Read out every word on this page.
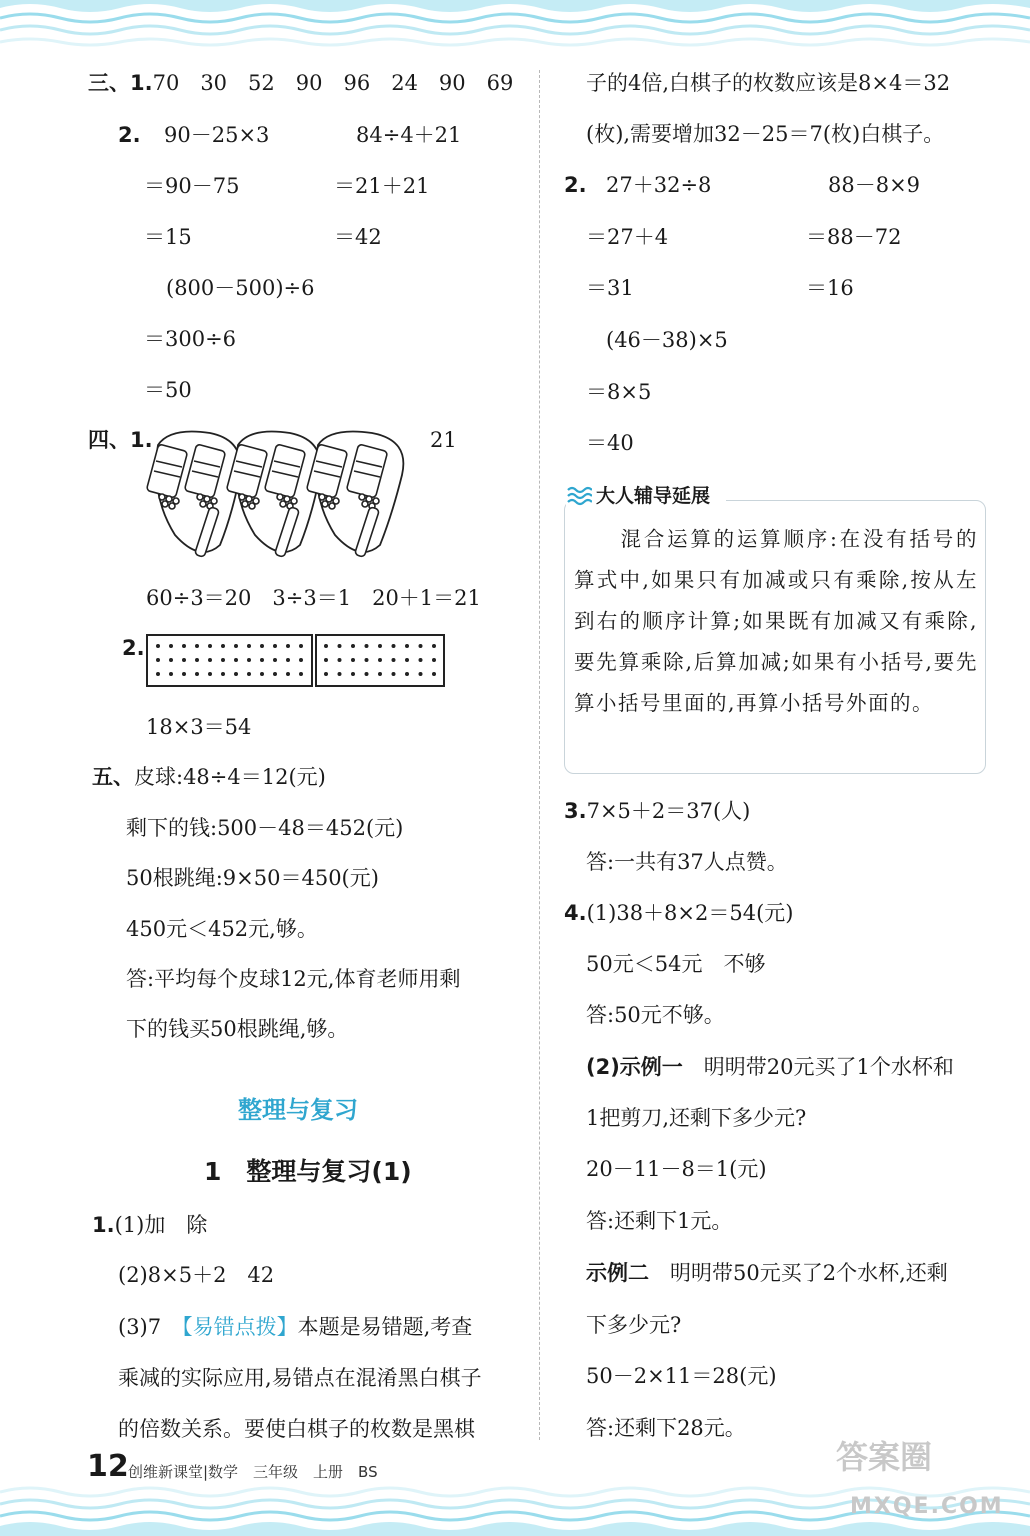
三、1.70　30　52　90　96　24　90　69
2. 90－25×3
＝90－75
＝15
84÷4＋21
＝21＋21
＝42
(800－500)÷6
＝300÷6
＝50
四、1.	21
60÷3＝20　3÷3＝1　20＋1＝21
2.
18×3＝54
五、皮球:48÷4＝12(元)
剩下的钱:500－48＝452(元)
50根跳绳:9×50＝450(元)
450元＜452元,够。
答:平均每个皮球12元,体育老师用剩
下的钱买50根跳绳,够。
整理与复习
1　 整理与复习(1)
1.(1)加　除
(2)8×5＋2　42
(3)7　【易错点拨】本题是易错题,考查
乘减的实际应用,易错点在混淆黑白棋子
的倍数关系。要使白棋子的枚数是黑棋
子的4倍,白棋子的枚数应该是8×4＝32
(枚),需要增加32－25＝7(枚)白棋子。
2. 27＋32÷8
＝27＋4
＝31
88－8×9
＝88－72
＝16
(46－38)×5
＝8×5
＝40
大人辅导延展
　　混合运算的运算顺序:在没有括号的算式中,如果只有加减或只有乘除,按从左到右的顺序计算;如果既有加减又有乘除,要先算乘除,后算加减;如果有小括号,要先算小括号里面的,再算小括号外面的。
3.7×5＋2＝37(人)
答:一共有37人点赞。
4.(1)38＋8×2＝54(元)
50元＜54元　不够
答:50元不够。
(2)示例一　明明带20元买了1个水杯和
1把剪刀,还剩下多少元?
20－11－8＝1(元)
答:还剩下1元。
示例二　明明带50元买了2个水杯,还剩
下多少元?
50－2×11＝28(元)
答:还剩下28元。
12 创维新课堂|数学　三年级　上册　BS	答案圈
MXQE.COM
